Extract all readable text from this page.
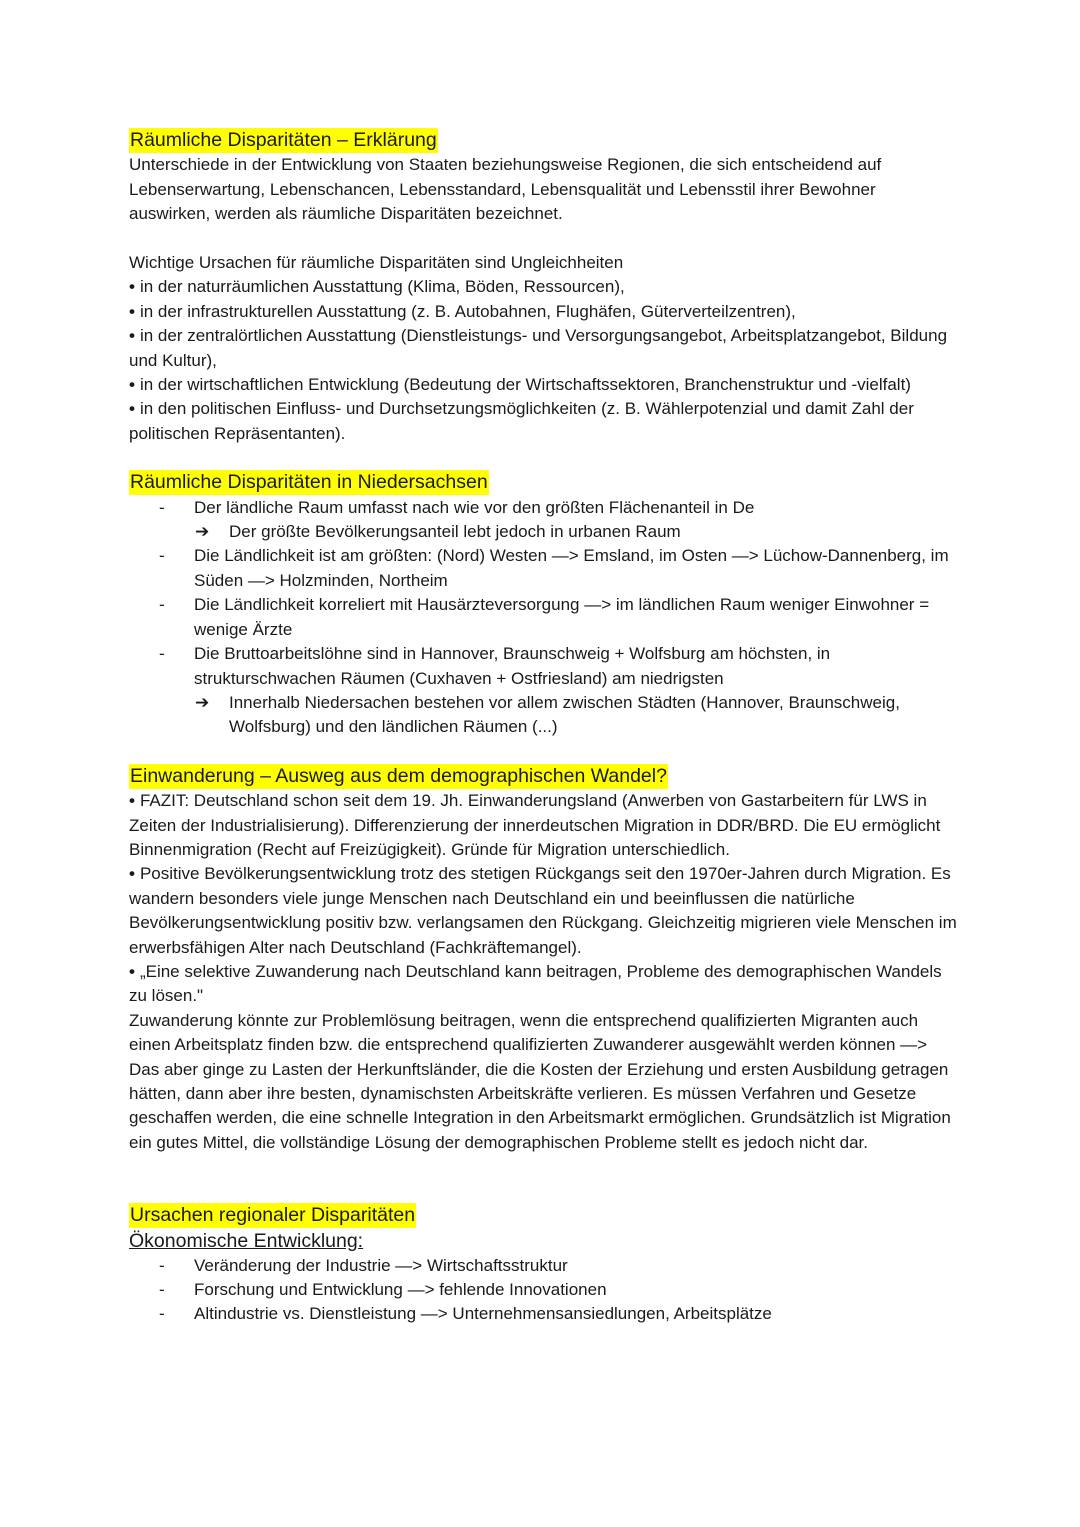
Räumliche Disparitäten – Erklärung

Unterschiede in der Entwicklung von Staaten beziehungsweise Regionen, die sich entscheidend auf Lebenserwartung, Lebenschancen, Lebensstandard, Lebensqualität und Lebensstil ihrer Bewohner auswirken, werden als räumliche Disparitäten bezeichnet.

Wichtige Ursachen für räumliche Disparitäten sind Ungleichheiten

• in der naturräumlichen Ausstattung (Klima, Böden, Ressourcen),
• in der infrastrukturellen Ausstattung (z. B. Autobahnen, Flughäfen, Güterverteilzentren),
• in der zentralörtlichen Ausstattung (Dienstleistungs- und Versorgungsangebot, Arbeitsplatzangebot, Bildung und Kultur),
• in der wirtschaftlichen Entwicklung (Bedeutung der Wirtschaftssektoren, Branchenstruktur und -vielfalt)
• in den politischen Einfluss- und Durchsetzungsmöglichkeiten (z. B. Wählerpotenzial und damit Zahl der politischen Repräsentanten).
Räumliche Disparitäten in Niedersachsen
- Der ländliche Raum umfasst nach wie vor den größten Flächenanteil in De
➔ Der größte Bevölkerungsanteil lebt jedoch in urbanen Raum
- Die Ländlichkeit ist am größten: (Nord) Westen —> Emsland, im Osten —> Lüchow-Dannenberg, im Süden —> Holzminden, Northeim
- Die Ländlichkeit korreliert mit Hausärzteversorgung —> im ländlichen Raum weniger Einwohner = wenige Ärzte
- Die Bruttoarbeitslöhne sind in Hannover, Braunschweig + Wolfsburg am höchsten, in strukturschwachen Räumen (Cuxhaven + Ostfriesland) am niedrigsten
➔ Innerhalb Niedersachen bestehen vor allem zwischen Städten (Hannover, Braunschweig, Wolfsburg) und den ländlichen Räumen (...)
Einwanderung – Ausweg aus dem demographischen Wandel?

• FAZIT: Deutschland schon seit dem 19. Jh. Einwanderungsland (Anwerben von Gastarbeitern für LWS in Zeiten der Industrialisierung). Differenzierung der innerdeutschen Migration in DDR/BRD. Die EU ermöglicht Binnenmigration (Recht auf Freizügigkeit). Gründe für Migration unterschiedlich.

• Positive Bevölkerungsentwicklung trotz des stetigen Rückgangs seit den 1970er-Jahren durch Migration. Es wandern besonders viele junge Menschen nach Deutschland ein und beeinflussen die natürliche Bevölkerungsentwicklung positiv bzw. verlangsamen den Rückgang. Gleichzeitig migrieren viele Menschen im erwerbsfähigen Alter nach Deutschland (Fachkräftemangel).

• „Eine selektive Zuwanderung nach Deutschland kann beitragen, Probleme des demographischen Wandels zu lösen."

Zuwanderung könnte zur Problemlösung beitragen, wenn die entsprechend qualifizierten Migranten auch einen Arbeitsplatz finden bzw. die entsprechend qualifizierten Zuwanderer ausgewählt werden können —> Das aber ginge zu Lasten der Herkunftsländer, die die Kosten der Erziehung und ersten Ausbildung getragen hätten, dann aber ihre besten, dynamischsten Arbeitskräfte verlieren. Es müssen Verfahren und Gesetze geschaffen werden, die eine schnelle Integration in den Arbeitsmarkt ermöglichen. Grundsätzlich ist Migration ein gutes Mittel, die vollständige Lösung der demographischen Probleme stellt es jedoch nicht dar.

Ursachen regionaler Disparitäten
Ökonomische Entwicklung:
- Veränderung der Industrie —> Wirtschaftsstruktur
- Forschung und Entwicklung —> fehlende Innovationen
- Altindustrie vs. Dienstleistung —> Unternehmensansiedlungen, Arbeitsplätze
